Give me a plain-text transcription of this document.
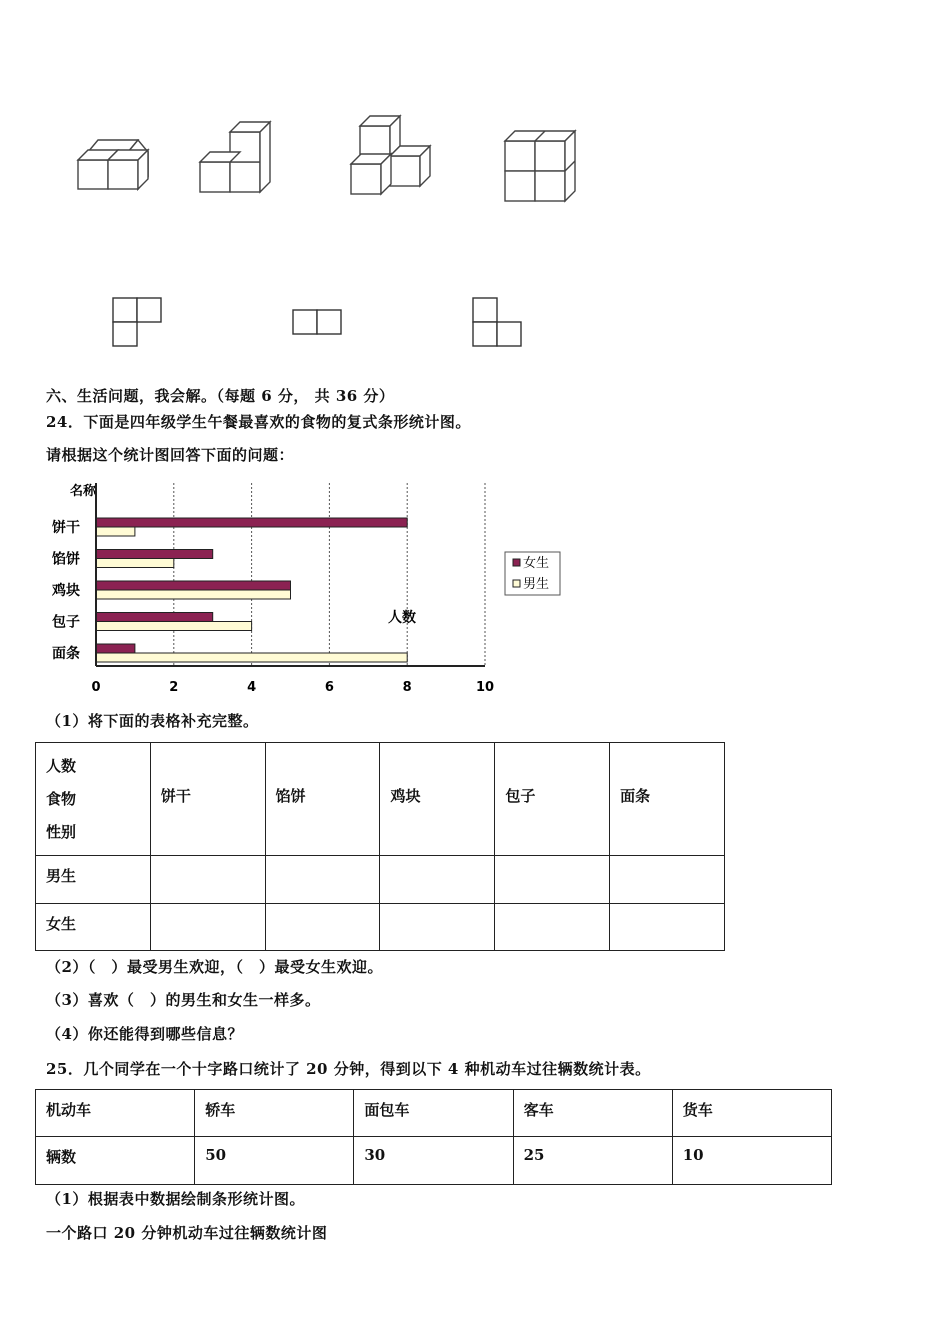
六、生活问题，我会解。（每题 6 分， 共 36 分）
24．下面是四年级学生午餐最喜欢的食物的复式条形统计图。
请根据这个统计图回答下面的问题：
名称
人数
饼干
馅饼
鸡块
包子
面条
0	2	4	6	8	10
女生
男生
（1）将下面的表格补充完整。
人数
食物
性别	饼干	馅饼	鸡块	包子	面条

男生					

女生					

（2）（　）最受男生欢迎，（　）最受女生欢迎。
（3）喜欢（　）的男生和女生一样多。
（4）你还能得到哪些信息？
25．几个同学在一个十字路口统计了 20 分钟，得到以下 4 种机动车过往辆数统计表。
机动车	轿车	面包车	客车	货车

辆数	50	30	25	10
（1）根据表中数据绘制条形统计图。
一个路口 20 分钟机动车过往辆数统计图
